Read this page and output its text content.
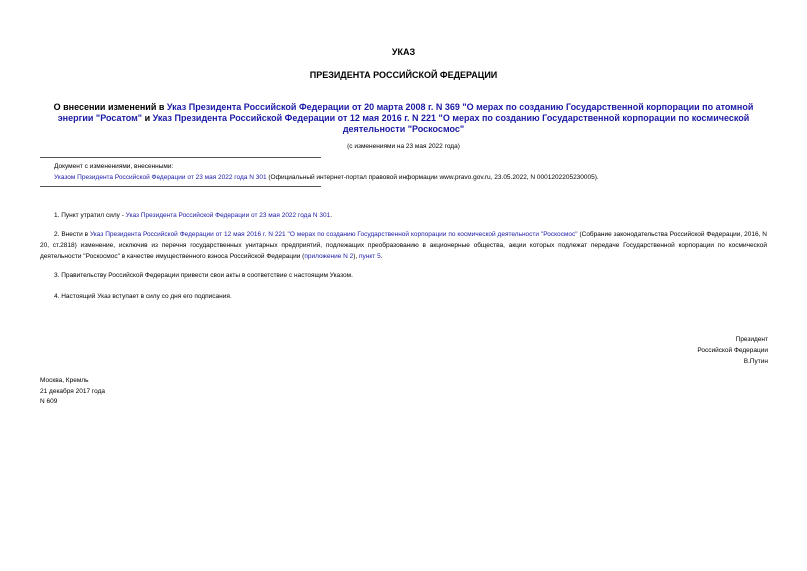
УКАЗ
ПРЕЗИДЕНТА РОССИЙСКОЙ ФЕДЕРАЦИИ
О внесении изменений в Указ Президента Российской Федерации от 20 марта 2008 г. N 369 "О мерах по созданию Государственной корпорации по атомной энергии "Росатом" и Указ Президента Российской Федерации от 12 мая 2016 г. N 221 "О мерах по созданию Государственной корпорации по космической деятельности "Роскосмос"
(с изменениями на 23 мая 2022 года)
Документ с изменениями, внесенными:
Указом Президента Российской Федерации от 23 мая 2022 года N 301 (Официальный интернет-портал правовой информации www.pravo.gov.ru, 23.05.2022, N 0001202205230005).
1. Пункт утратил силу - Указ Президента Российской Федерации от 23 мая 2022 года N 301.
2. Внести в Указ Президента Российской Федерации от 12 мая 2016 г. N 221 "О мерах по созданию Государственной корпорации по космической деятельности "Роскосмос" (Собрание законодательства Российской Федерации, 2016, N 20, ст.2818) изменение, исключив из перечня государственных унитарных предприятий, подлежащих преобразованию в акционерные общества, акции которых подлежат передаче Государственной корпорации по космической деятельности "Роскосмос" в качестве имущественного взноса Российской Федерации (приложение N 2), пункт 5.
3. Правительству Российской Федерации привести свои акты в соответствие с настоящим Указом.
4. Настоящий Указ вступает в силу со дня его подписания.
Президент
Российской Федерации
В.Путин
Москва, Кремль
21 декабря 2017 года
N 609
